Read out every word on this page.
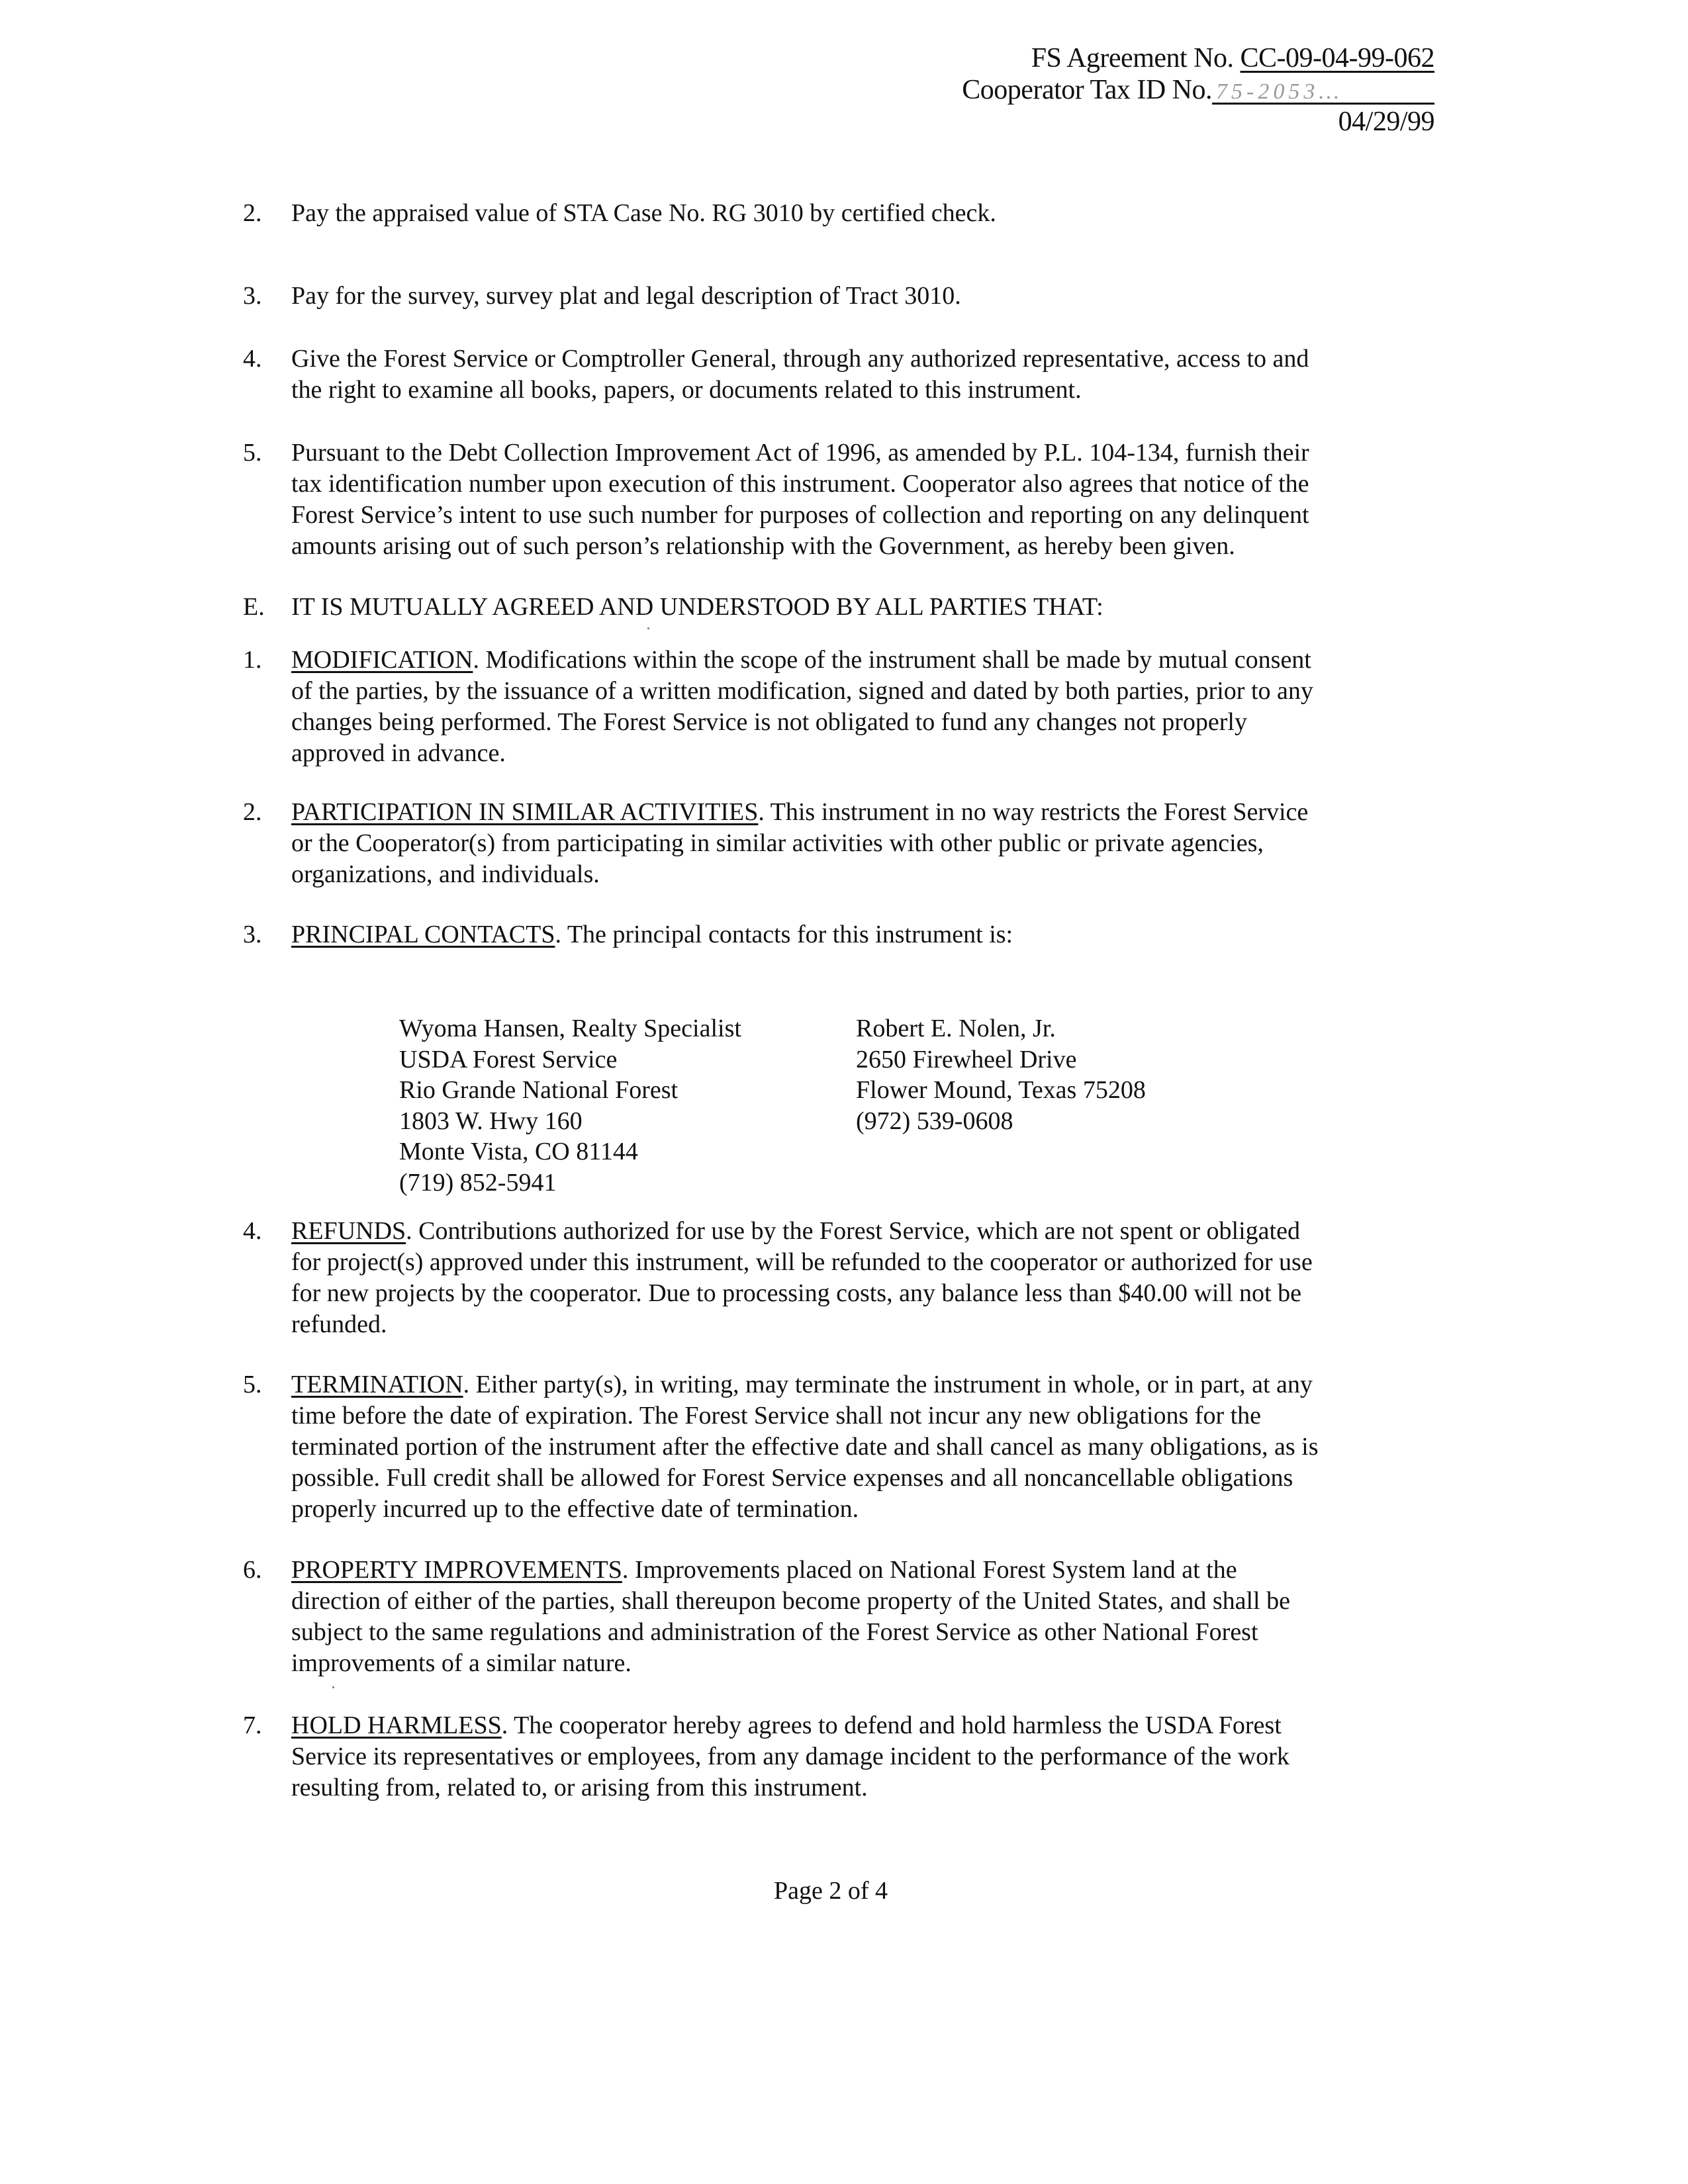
FS Agreement No. CC-09-04-99-062
Cooperator Tax ID No. 75-2053…
04/29/99
2.	Pay the appraised value of STA Case No. RG 3010 by certified check.
3.	Pay for the survey, survey plat and legal description of Tract 3010.
4.	Give the Forest Service or Comptroller General, through any authorized representative, access to and
the right to examine all books, papers, or documents related to this instrument.
5.	Pursuant to the Debt Collection Improvement Act of 1996, as amended by P.L. 104-134, furnish their
tax identification number upon execution of this instrument. Cooperator also agrees that notice of the
Forest Service’s intent to use such number for purposes of collection and reporting on any delinquent
amounts arising out of such person’s relationship with the Government, as hereby been given.
E.	IT IS MUTUALLY AGREED AND UNDERSTOOD BY ALL PARTIES THAT:
1.	MODIFICATION. Modifications within the scope of the instrument shall be made by mutual consent
of the parties, by the issuance of a written modification, signed and dated by both parties, prior to any
changes being performed. The Forest Service is not obligated to fund any changes not properly
approved in advance.
2.	PARTICIPATION IN SIMILAR ACTIVITIES. This instrument in no way restricts the Forest Service
or the Cooperator(s) from participating in similar activities with other public or private agencies,
organizations, and individuals.
3.	PRINCIPAL CONTACTS. The principal contacts for this instrument is:
Wyoma Hansen, Realty Specialist
USDA Forest Service
Rio Grande National Forest
1803 W. Hwy 160
Monte Vista, CO 81144
(719) 852-5941
Robert E. Nolen, Jr.
2650 Firewheel Drive
Flower Mound, Texas 75208
(972) 539-0608
4.	REFUNDS. Contributions authorized for use by the Forest Service, which are not spent or obligated
for project(s) approved under this instrument, will be refunded to the cooperator or authorized for use
for new projects by the cooperator. Due to processing costs, any balance less than $40.00 will not be
refunded.
5.	TERMINATION. Either party(s), in writing, may terminate the instrument in whole, or in part, at any
time before the date of expiration. The Forest Service shall not incur any new obligations for the
terminated portion of the instrument after the effective date and shall cancel as many obligations, as is
possible. Full credit shall be allowed for Forest Service expenses and all noncancellable obligations
properly incurred up to the effective date of termination.
6.	PROPERTY IMPROVEMENTS. Improvements placed on National Forest System land at the
direction of either of the parties, shall thereupon become property of the United States, and shall be
subject to the same regulations and administration of the Forest Service as other National Forest
improvements of a similar nature.
7.	HOLD HARMLESS. The cooperator hereby agrees to defend and hold harmless the USDA Forest
Service its representatives or employees, from any damage incident to the performance of the work
resulting from, related to, or arising from this instrument.
Page 2 of 4
